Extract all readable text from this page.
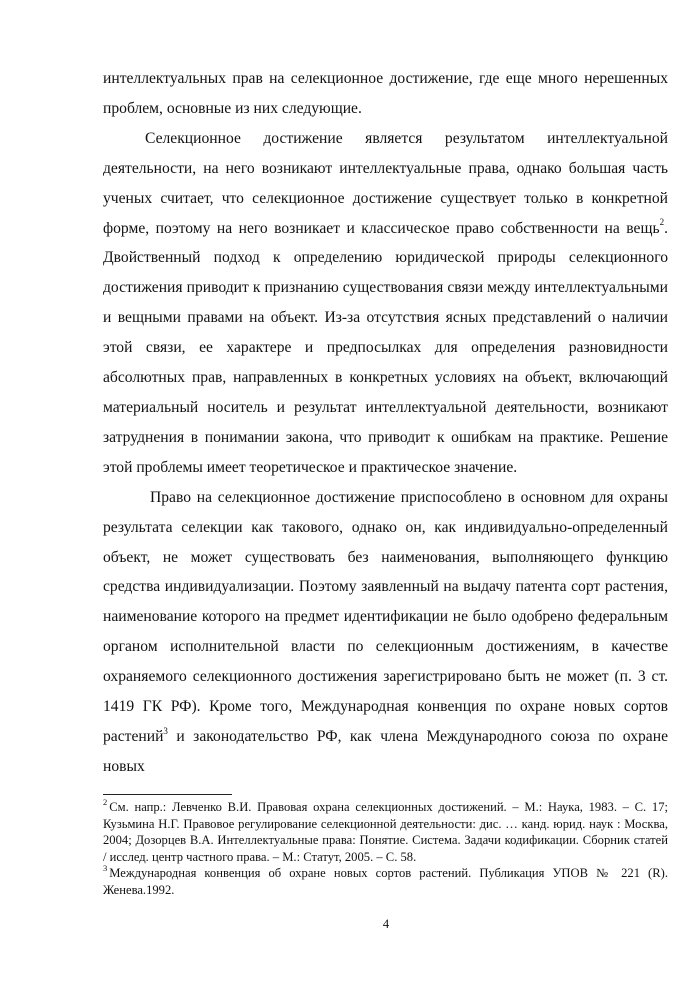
интеллектуальных прав на селекционное достижение, где еще много нерешенных проблем, основные из них следующие.

Селекционное достижение является результатом интеллектуальной деятельности, на него возникают интеллектуальные права, однако большая часть ученых считает, что селекционное достижение существует только в конкретной форме, поэтому на него возникает и классическое право собственности на вещь$^2$. Двойственный подход к определению юридической природы селекционного достижения приводит к признанию существования связи между интеллектуальными и вещными правами на объект. Из-за отсутствия ясных представлений о наличии этой связи, ее характере и предпосылках для определения разновидности абсолютных прав, направленных в конкретных условиях на объект, включающий материальный носитель и результат интеллектуальной деятельности, возникают затруднения в понимании закона, что приводит к ошибкам на практике. Решение этой проблемы имеет теоретическое и практическое значение.

Право на селекционное достижение приспособлено в основном для охраны результата селекции как такового, однако он, как индивидуально-определенный объект, не может существовать без наименования, выполняющего функцию средства индивидуализации. Поэтому заявленный на выдачу патента сорт растения, наименование которого на предмет идентификации не было одобрено федеральным органом исполнительной власти по селекционным достижениям, в качестве охраняемого селекционного достижения зарегистрировано быть не может (п. 3 ст. 1419 ГК РФ). Кроме того, Международная конвенция по охране новых сортов растений$^3$ и законодательство РФ, как члена Международного союза по охране новых

$^2$ См. напр.: Левченко В.И. Правовая охрана селекционных достижений. – М.: Наука, 1983. – С. 17; Кузьмина Н.Г. Правовое регулирование селекционной деятельности: дис. … канд. юрид. наук : Москва, 2004; Дозорцев В.А. Интеллектуальные права: Понятие. Система. Задачи кодификации. Сборник статей / исслед. центр частного права. – М.: Статут, 2005. – С. 58.

$^3$ Международная конвенция об охране новых сортов растений. Публикация УПОВ № 221 (R). Женева.1992.

4
